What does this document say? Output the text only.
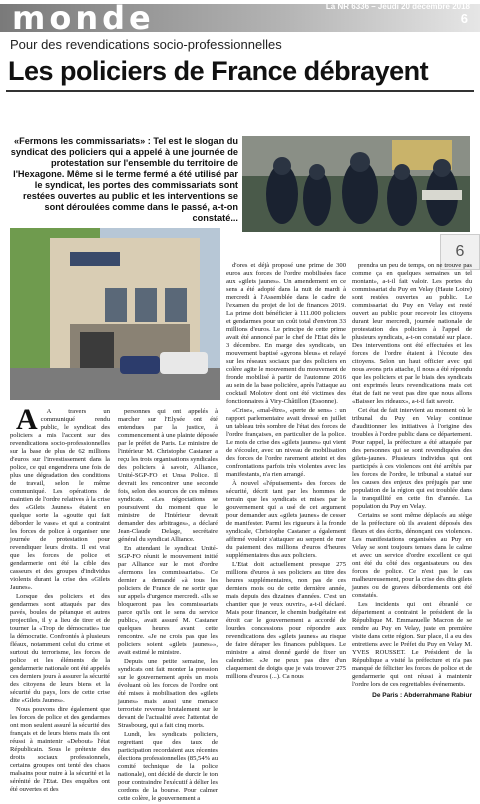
monde	La NR 6336 – Jeudi 20 décembre 2018
6
Pour des revendications socio-professionnelles
Les policiers de France débrayent
«Fermons les commissariats» : Tel est le slogan du syndicat des policiers qui a appelé à une journée de protestation sur l'ensemble du territoire de l'Hexagone. Même si le terme fermé a été utilisé par le syndicat, les portes des commissariats sont restées ouvertes au public et les interventions se sont déroulées comme dans le passé, a-t-on constaté...
6

A A travers un communiqué rendu public, le syndicat des policiers a mis l'accent sur des revendications socio-professionnelles sur la base de plus de 62 millions d'euros sur l'investissement dans la police, ce qui engendrera une fois de plus une dégradation des conditions de travail, selon le même communiqué. Les opérations de maintien de l'ordre relatives à la crise des «Gilets Jaunes» étaient en quelque sorte la «goutte qui fait déborder le vase» et qui a contraint les forces de police à organiser une journée de protestation pour revendiquer leurs droits. Il est vrai que les forces de police et gendarmerie ont été la cible des casseurs et des groupes d'individus violents durant la crise des «Gilets Jaunes».

Lorsque des policiers et des gendarmes sont attaqués par des pavés, boules de pétanque et autres projectiles, il y a lieu de tirer et de tourner la «Trop de démocratie» tue la démocratie. Confrontés à plusieurs fléaux, notamment celui du crime et surtout du terrorisme, les forces de police et les éléments de la gendarmerie nationale ont été appelés ces derniers jours à assurer la sécurité des citoyens de leurs biens et la sécurité du pays, lors de cette crise dite «Gilets Jaunes».

Nous pouvons dire également que les forces de police et des gendarmes ont mon seulent assuré la sécurité des français et de leurs biens mais ils ont réussi à maintenir «Debout» l'état Républicain. Sous le prétexte des droits sociaux professionnels, certains groupes ont tenté des chaos malsains pour nuire à la sécurité et la sérénité de l'Etat. Des enquêtes ont été ouvertes et des

personnes qui ont appelés à marcher sur l'Elysée ont été entendues par la justice, à commencement à une plainte déposée par le préfet de Paris. Le ministre de l'intérieur M. Christophe Castaner a reçu les trois organisations syndicales des policiers à savoir, Alliance, Unité-SGP-FO et Unsa Police. Il devrait les rencontrer une seconde fois, selon des sources de ces mêmes syndicats. «Les négociations se poursuivent du moment que le ministre de l'Intérieur devrait demander des arbitrages», a déclaré Jean-Claude Delage, secrétaire général du syndicat Alliance.

En attendant le syndicat Unité-SGP-FO réunit le mouvement initié par Alliance sur le mot d'ordre «fermons les commissariats». Ce dernier a demandé «à tous les policiers de France de ne sortir que sur appel» d'urgence mercredi. «Ils se bloqueront pas les commissariats parce qu'ils ont le sens du service public», avait assuré M. Castaner quelques heures avant cette rencontre. «Je ne crois pas que les policiers soient «gilets jaunes»», avait estimé le ministre.

Depuis une petite semaine, les syndicats ont fait monter la pression sur le gouvernement après un mois évoluant où les forces de l'ordre ont été mises à mobilisation des «gilets jaunes» mais aussi une menace terroriste revenue brutalement sur le devant de l'actualité avec l'attentat de Strasbourg, qui a fait cinq morts.

Lundi, les syndicats policiers, regrettant que des taux de participation recordaient aux récentes élections professionnelles (85,54% au comité technique de la police nationale), ont décidé de durcir le ton pour contraindre l'exécutif à délier les cordons de la bourse. Pour calmer cette colère, le gouvernement a

d'ores et déjà proposé une prime de 300 euros aux forces de l'ordre mobilisées face aux «gilets jaunes». Un amendement en ce sens a été adopté dans la nuit de mardi à mercredi à l'Assemblée dans le cadre de l'examen du projet de loi de finances 2019. La prime doit bénéficier à 111.000 policiers et gendarmes pour un coût total d'environ 33 millions d'euros. Le principe de cette prime avait été annoncé par le chef de l'Etat dès le 3 décembre. En marge des syndicats, un mouvement baptisé «gyrons bleus» et relayé sur les réseaux sociaux par des policiers en colère agite le mouvement du mouvement de fronde mobilisé à partir de l'automne 2016 au sein de la base policière, après l'attaque au cocktail Molotov dont ont été victimes des fonctionnaires à Viry-Châtillon (Essonne).

«Crise», «mal-être», «perte de sens» : un rapport parlementaire avait dressé en juillet un tableau très sombre de l'état des forces de l'ordre françaises, en particulier de la police. Le mois de crise des «gilets jaunes» qui vient de s'écouler, avec un niveau de mobilisation des forces de l'ordre rarement atteint et des confrontations parfois très violentes avec les manifestants, n'a rien arrangé.

À nouvel «l'épuisement» des forces de sécurité, décrit tant par les hommes de terrain que les syndicats et mises par le gouvernement qui a usé de cet argument pour demander aux «gilets jaunes» de cesser de manifester. Parmi les rigueurs à la fronde syndicale, Christophe Castaner a également affirmé vouloir s'attaquer au serpent de mer du paiement des millions d'euros d'heures supplémentaires dus aux policiers.

L'Etat doit actuellement presque 275 millions d'euros à ses policiers au titre des heures supplémentaires, non pas de ces derniers mois ou de cette dernière année, mais depuis des dizaines d'années. C'est un chantier que je veux ouvrir», a-t-il déclaré. Mais pour financer, le chemin budgétaire est étroit car le gouvernement a accordé de lourdes concessions pour répondre aux revendications des «gilets jaunes» au risque de faire déraper les finances publiques. Le ministre a ainsi donné gardé de fixer un calendrier. «Je ne peux pas dire d'un claquement de doigts que je vais trouver 275 millions d'euros (...). Ca nous

prendra un peu de temps, on ne trouve pas comme ça en quelques semaines un tel montant», a-t-il fait valoir. Les portes du commissariat du Puy en Velay (Haute Loire) sont restées ouvertes au public. Le commissariat du Puy en Velay est resté ouvert au public pour recevoir les citoyens durant leur mercredi, journée nationale de protestation des policiers à l'appel de plusieurs syndicats, a-t-on constaté sur place. Des interventions ont été effectuées et les forces de l'ordre étaient à l'écoute des citoyens. Selon un haut officier avec qui nous avons pris attache, il nous a été répondu que les policiers et par le biais des syndicats ont exprimés leurs revendications mais cet état de fait ne veut pas dire que nous allons «Baisser les rideaux», a-t-il fait savoir.

Cet état de fait intervient au moment où le tribunal du Puy en Velay continue d'auditionner les initiatives à l'origine des troubles à l'ordre public dans ce département. Pour rappel, la préfecture a été attaquée par des personnes qui se sont revendiquées des gilets-jaunes. Plusieurs individus qui ont participés à ces violences ont été arrêtés par les forces de l'ordre, le tribunal a statué sur les causes des enjeux des préjugés par une population de la région qui est troublée dans la tranquillité en cette fin d'année. La population du Puy en Velay.

Certains se sont même déplacés au siège de la préfecture où ils avaient déposés des fleurs et des écrits, dénonçant ces violences. Les manifestations organisées au Puy en Velay se sont toujours tenues dans le calme et avec un service d'ordre excellent ce qui ont été du côté des organisateurs ou des forces de police. Ce n'est pas le cas malheureusement, pour la crise des dits gilets jaunes ou de graves débordements ont été constatés.

Les incidents qui ont ébranlé ce département a contraint le président de la République M. Emmanuelle Macron de se rendre au Puy en Velay, juste en première visite dans cette région. Sur place, il a eu des entretiens avec le Préfet du Puy en Velay M. YVES ROUSSET. Le Président de la République a visité la préfecture et n'a pas manqué de féliciter les forces de police et de gendarmerie qui ont réussi à maintenir l'ordre lors de ces regrettables événements.

De Paris : Abderrahmane Rabiur
